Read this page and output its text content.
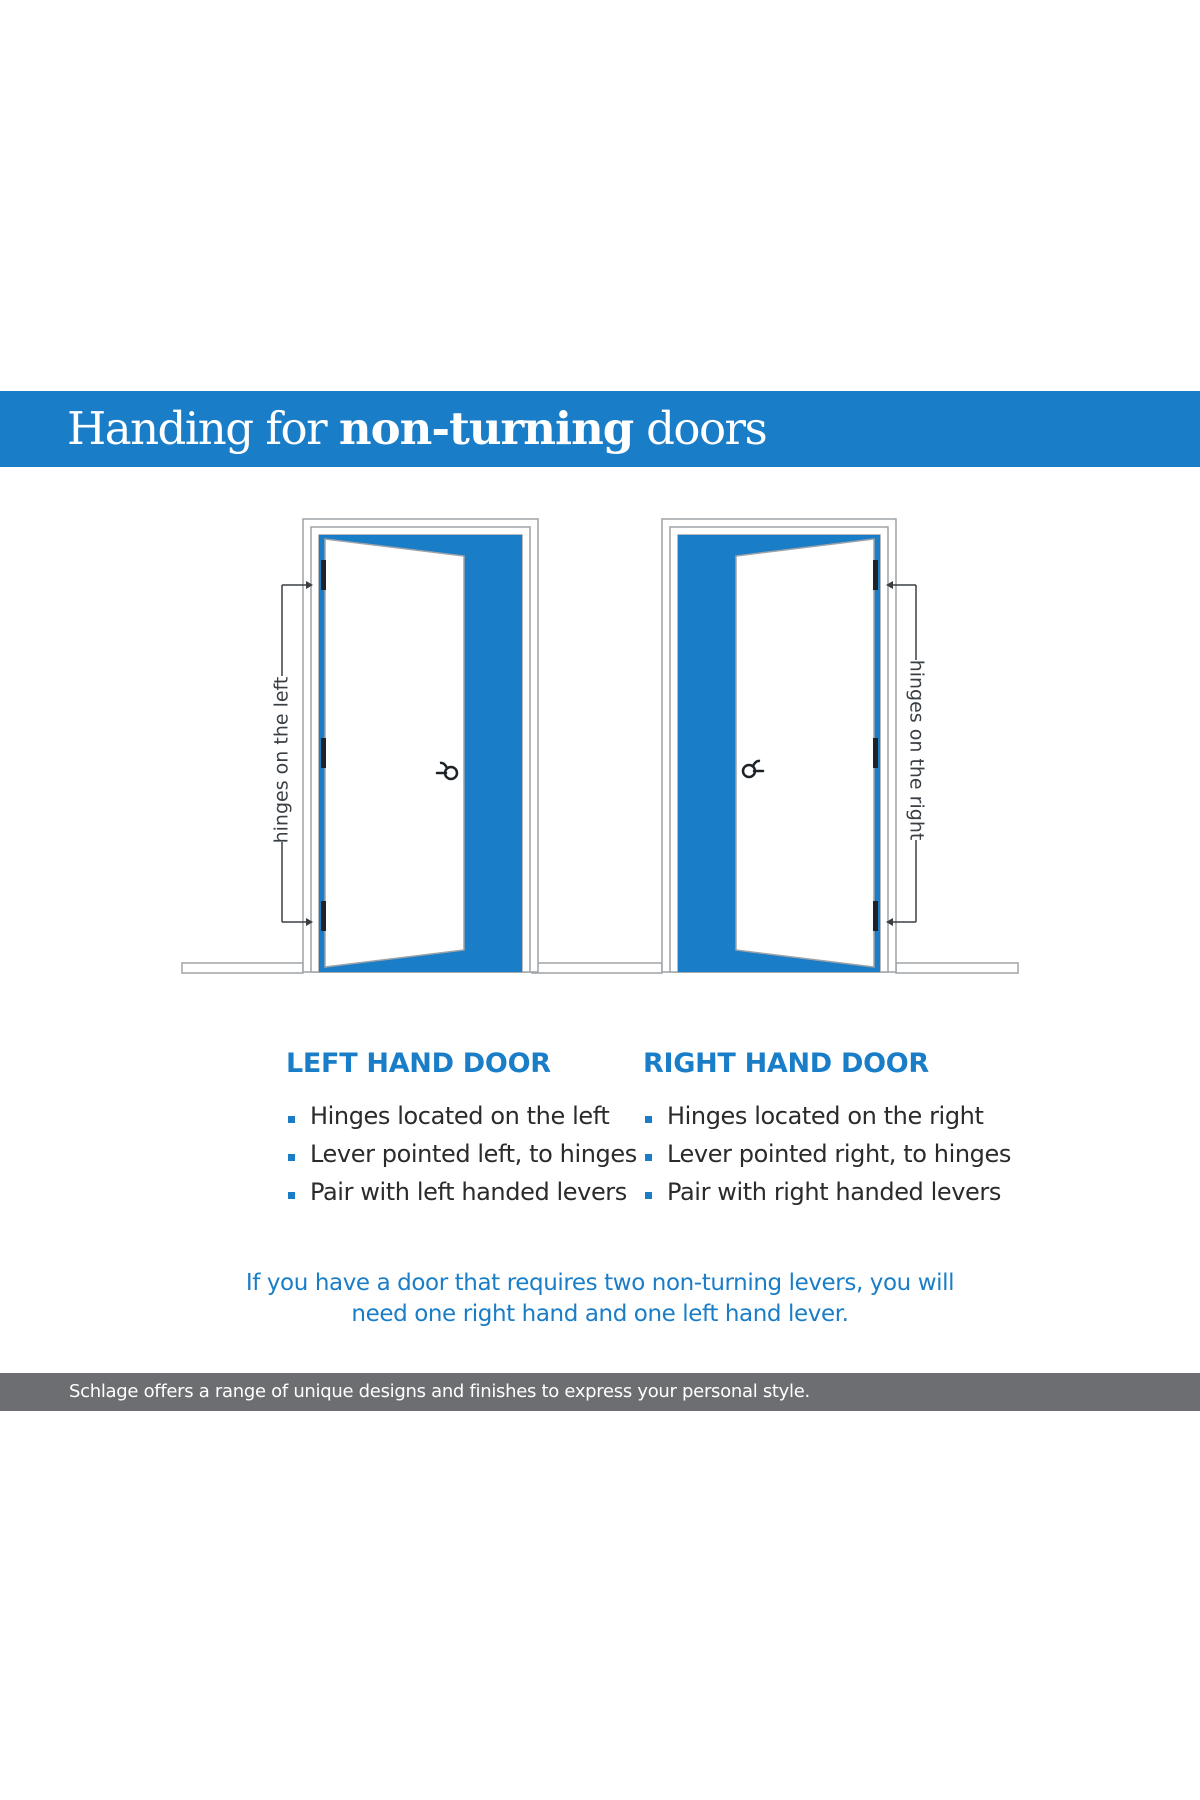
Handing for non-turning doors
hinges on the left	hinges on the right
LEFT HAND DOOR
Hinges located on the left
Lever pointed left, to hinges
Pair with left handed levers
RIGHT HAND DOOR
Hinges located on the right
Lever pointed right, to hinges
Pair with right handed levers
If you have a door that requires two non-turning levers, you will
need one right hand and one left hand lever.
Schlage offers a range of unique designs and finishes to express your personal style.
